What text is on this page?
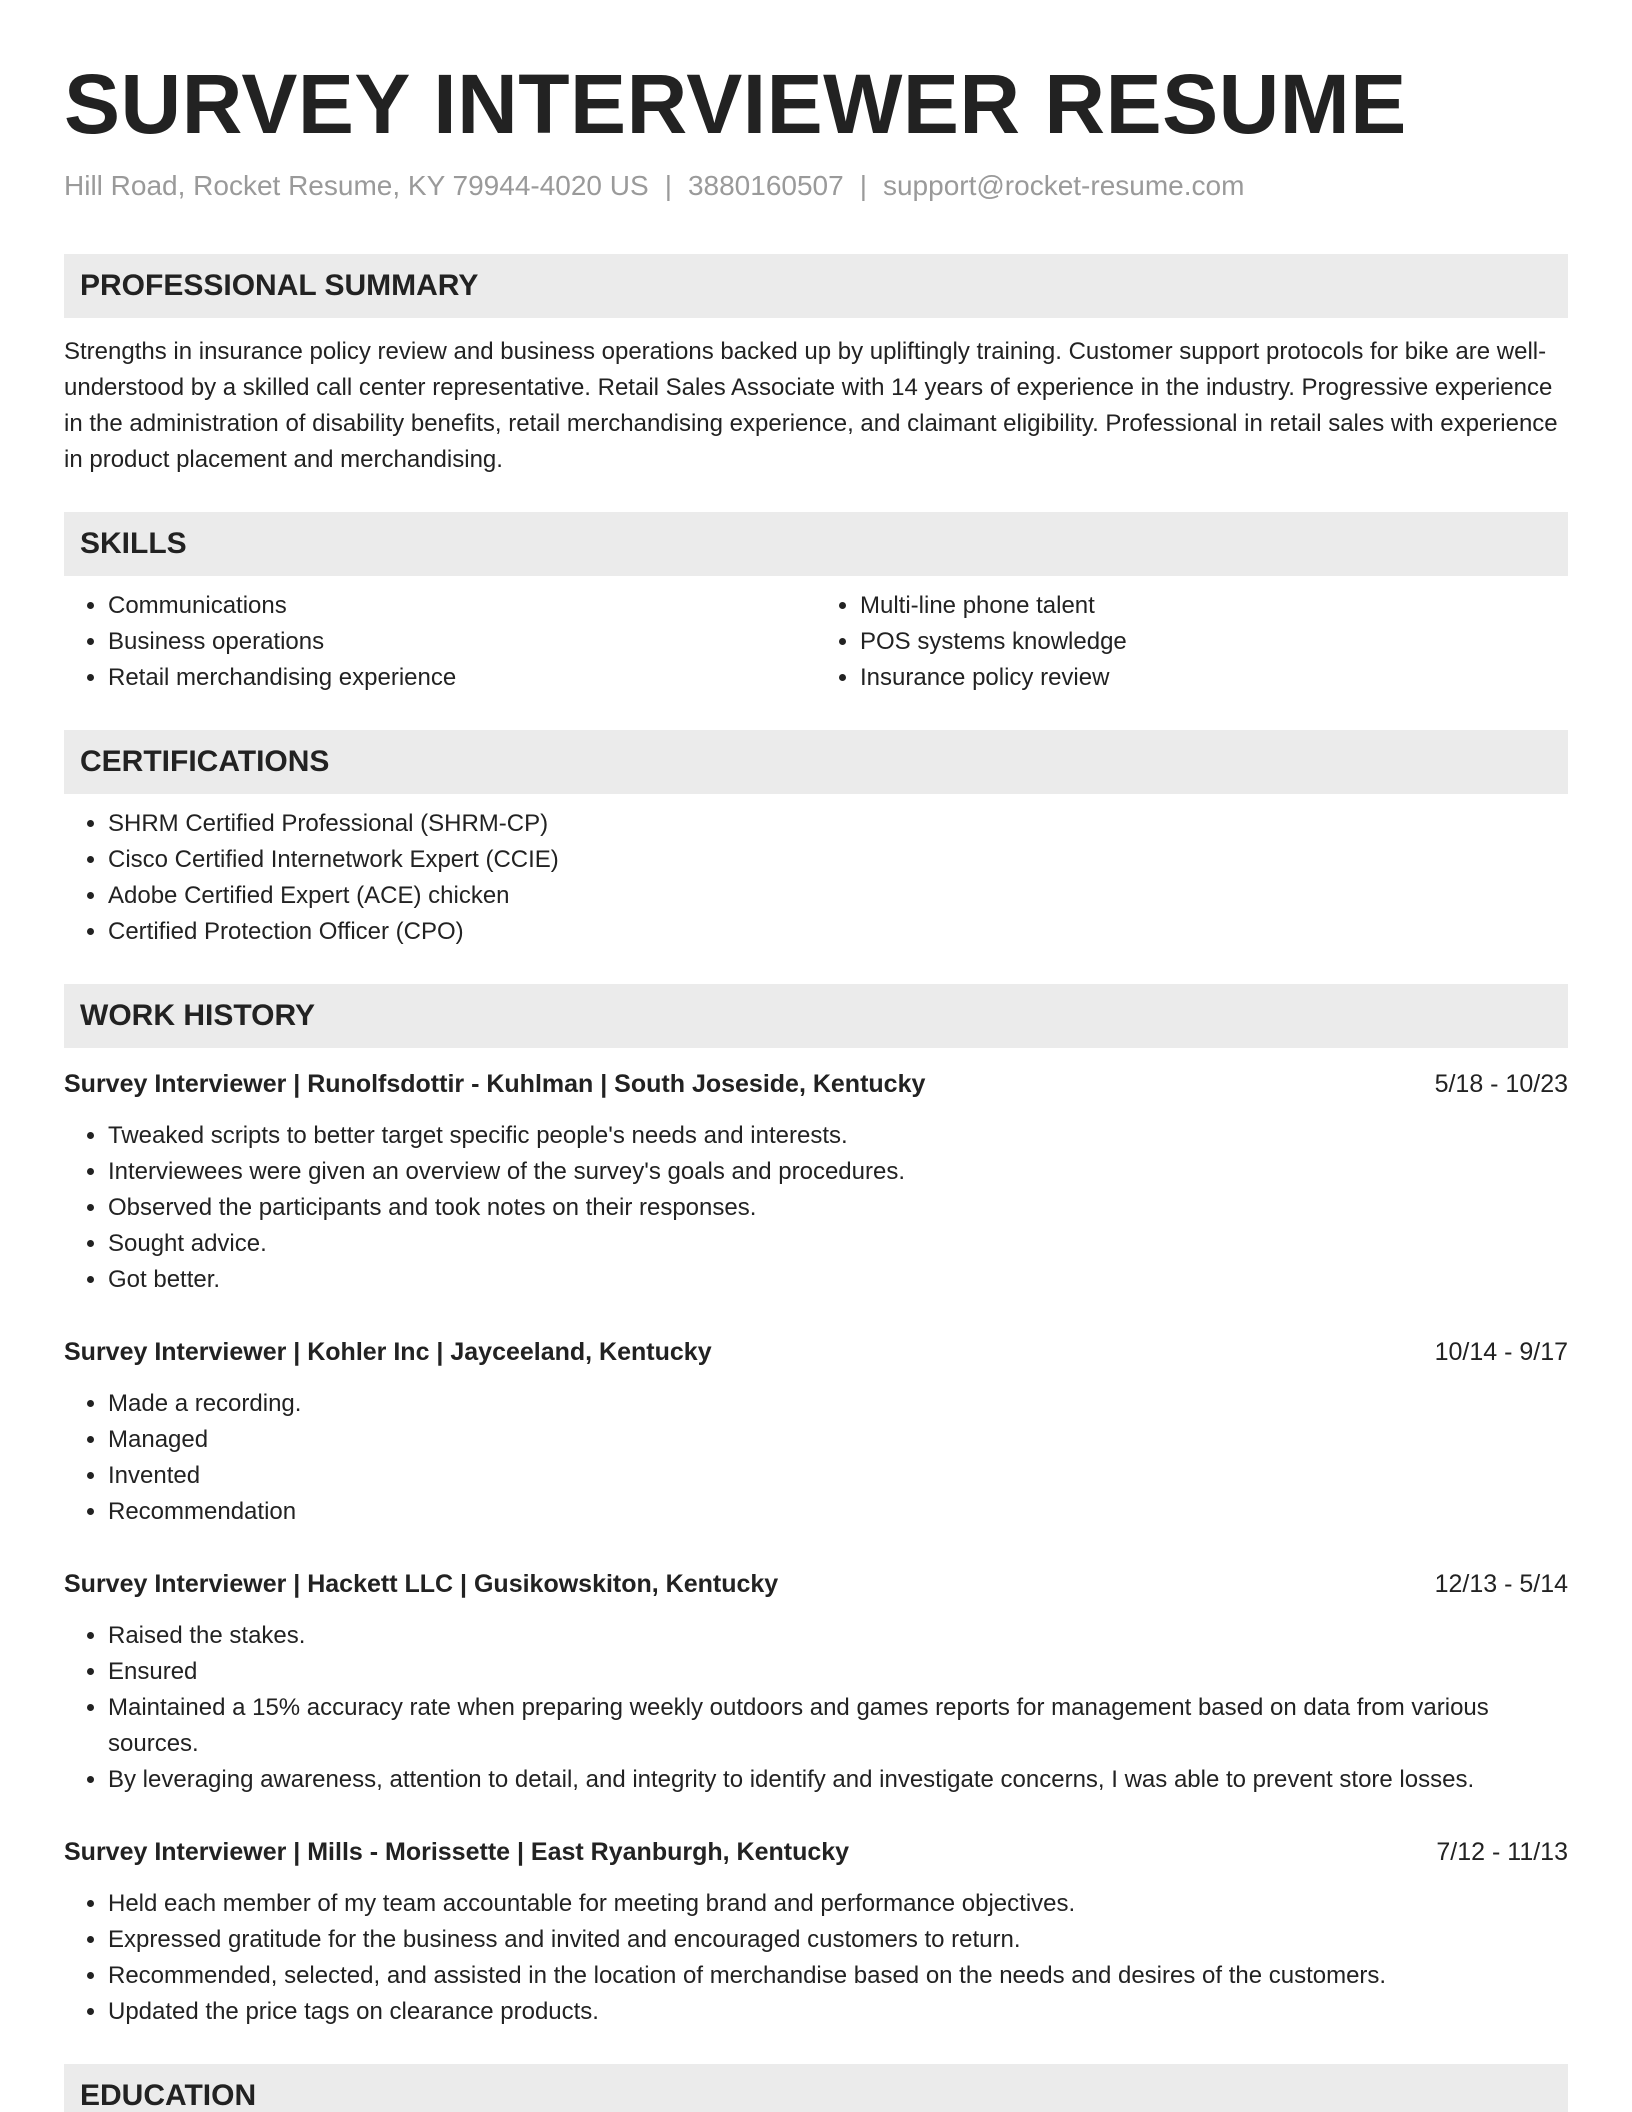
SURVEY INTERVIEWER RESUME
Hill Road, Rocket Resume, KY 79944-4020 US | 3880160507 | support@rocket-resume.com
PROFESSIONAL SUMMARY
Strengths in insurance policy review and business operations backed up by upliftingly training. Customer support protocols for bike are well-understood by a skilled call center representative. Retail Sales Associate with 14 years of experience in the industry. Progressive experience in the administration of disability benefits, retail merchandising experience, and claimant eligibility. Professional in retail sales with experience in product placement and merchandising.
SKILLS
• Communications
• Business operations
• Retail merchandising experience
• Multi-line phone talent
• POS systems knowledge
• Insurance policy review
CERTIFICATIONS
• SHRM Certified Professional (SHRM-CP)
• Cisco Certified Internetwork Expert (CCIE)
• Adobe Certified Expert (ACE) chicken
• Certified Protection Officer (CPO)
WORK HISTORY
Survey Interviewer | Runolfsdottir - Kuhlman | South Joseside, Kentucky	5/18 - 10/23
• Tweaked scripts to better target specific people's needs and interests.
• Interviewees were given an overview of the survey's goals and procedures.
• Observed the participants and took notes on their responses.
• Sought advice.
• Got better.
Survey Interviewer | Kohler Inc | Jayceeland, Kentucky	10/14 - 9/17
• Made a recording.
• Managed
• Invented
• Recommendation
Survey Interviewer | Hackett LLC | Gusikowskiton, Kentucky	12/13 - 5/14
• Raised the stakes.
• Ensured
• Maintained a 15% accuracy rate when preparing weekly outdoors and games reports for management based on data from various sources.
• By leveraging awareness, attention to detail, and integrity to identify and investigate concerns, I was able to prevent store losses.
Survey Interviewer | Mills - Morissette | East Ryanburgh, Kentucky	7/12 - 11/13
• Held each member of my team accountable for meeting brand and performance objectives.
• Expressed gratitude for the business and invited and encouraged customers to return.
• Recommended, selected, and assisted in the location of merchandise based on the needs and desires of the customers.
• Updated the price tags on clearance products.
EDUCATION
